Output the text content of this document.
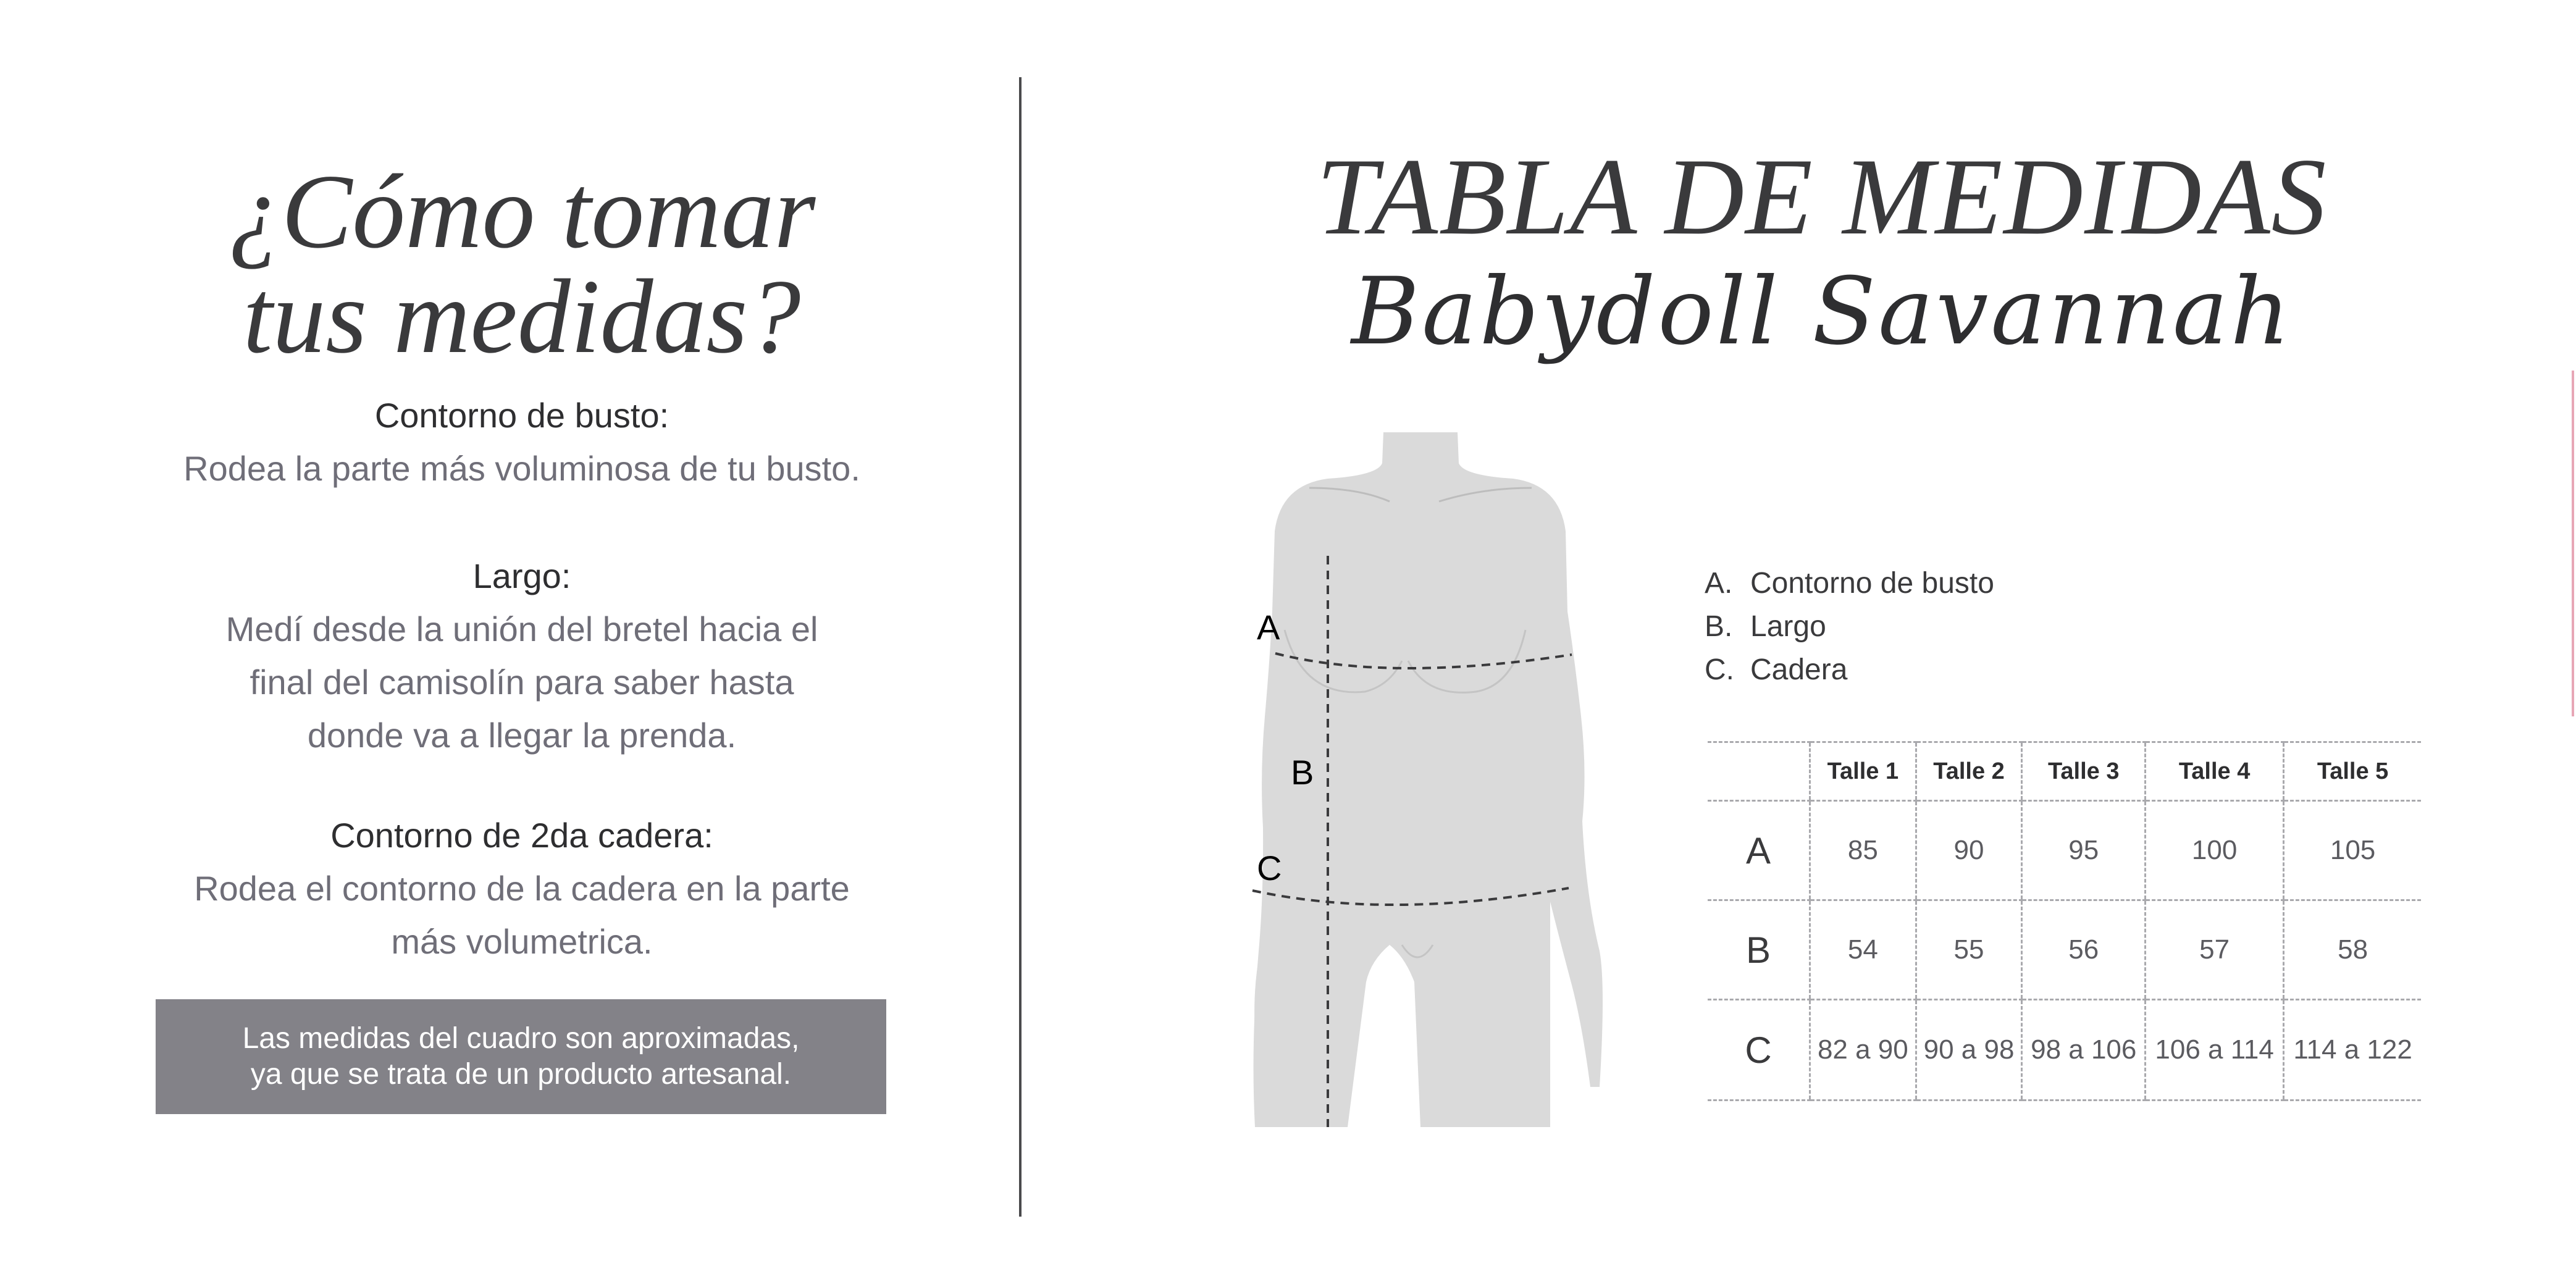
¿Cómo tomar
tus medidas?
Contorno de busto:
Rodea la parte más voluminosa de tu busto.
Largo:
Medí desde la unión del bretel hacia el
final del camisolín para saber hasta
donde va a llegar la prenda.
Contorno de 2da cadera:
Rodea el contorno de la cadera en la parte
más volumetrica.
Las medidas del cuadro son aproximadas,
ya que se trata de un producto artesanal.
TABLA DE MEDIDAS
Babydoll Savannah
A
B
C
A. Contorno de busto
B. Largo
C. Cadera
	Talle 1	Talle 2	Talle 3	Talle 4	Talle 5
A	85	90	95	100	105
B	54	55	56	57	58
C	82 a 90	90 a 98	98 a 106	106 a 114	114 a 122
